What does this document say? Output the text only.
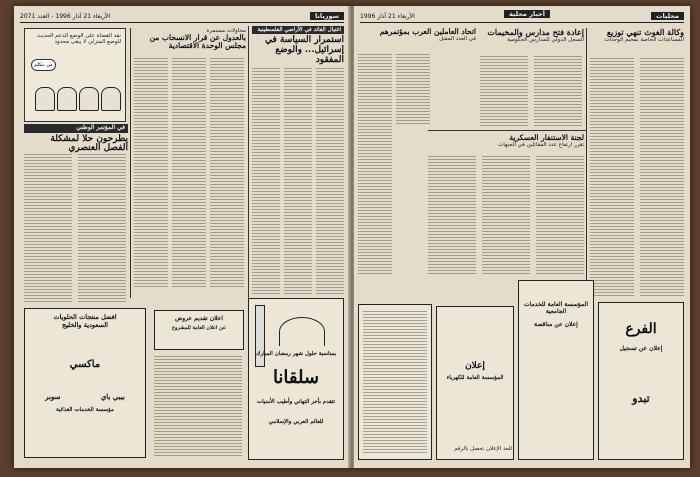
سوريانا
الأربعاء 21 آذار 1996 - العدد 2071
نقد القضاة على الوضع الدعم الحديث للوضع المنزلي لا يبقى محدود
من يتكلم
في المؤتمر الوطني
يطرحون حلا لمشكلة الفصل العنصري
محاولات مستمرة
بالعدول عن قرار الانسحاب من مجلس الوحدة الاقتصادية
اغتيال القائد في الأراضي الفلسطينية
استمرار السياسة في إسرائيل... والوضع المفقود
افضل منتجات الحلويات
السعودية والخليج
ماكسي
سوبر	بيبي باي
مؤسسة الخدمات الغذائية
اعلان تقديم عروض
عن اعلان العامة للمشروع
بمناسبة حلول شهر رمضان المبارك
سلقانا
تتقدم بأحر التهاني وأطيب الأمنيات
للعالم العربي والإسلامي
محليات
الأربعاء 21 آذار 1996
وكالة الغوث تنهي توزيع
المساعدات الخاصة بمخيم الوحدات
إعادة فتح مدارس والمخيمات
السجل الدولي للمدارس الحكومية
لجنة الاستنفار العسكرية
تقرر ارتفاع عدد المقاتلين في الجبهات
اتحاد العاملين العرب بمؤتمرهم
في العدد المقبل
أخبار محلية
إعلان
المؤسسة العامة للكهرباء
المؤسسة العامة للخدمات الجامعية
إعلان عن مناقصة	الفرع
إعلان عن تسجيل
تبدو
للعد الإعلان تحصل بالرقم
